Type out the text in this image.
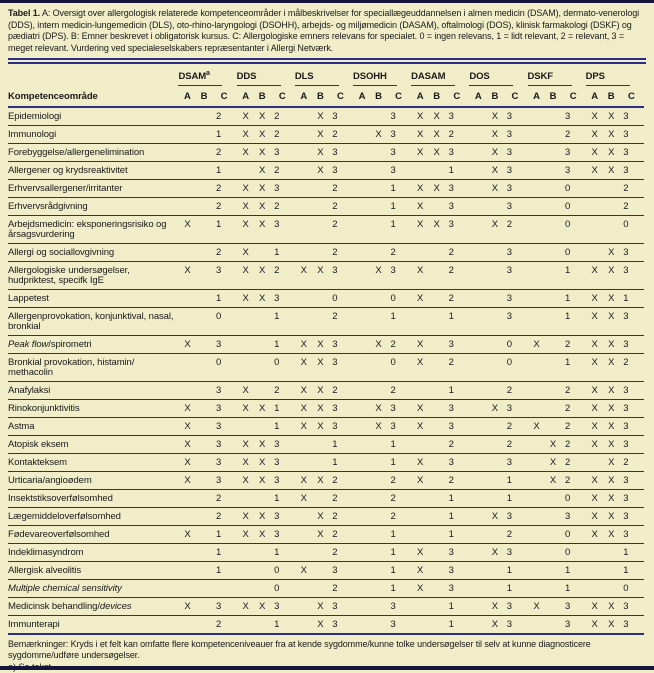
Tabel 1. A: Oversigt over allergologisk relaterede kompetenceområder i målbeskrivelser for speciallægeuddannelsen i almen medicin (DSAM), dermato-venerologi (DDS), intern medicin-lungemedicin (DLS), oto-rhino-laryngologi (DSOHH), arbejds- og miljømedicin (DASAM), oftalmologi (DOS), klinisk farmakologi (DSKF) og pædiatri (DPS). B: Emner beskrevet i obligatorisk kursus. C: Allergologiske emners relevans for specialet. 0 = ingen relevans, 1 = lidt relevant, 2 = relevant, 3 = meget relevant. Vurdering ved specialeselskabers repræsentanter i Allergi Netværk.

	DSAM$^a$			DDS			DLS			DSOHH			DASAM			DOS			DSKF			DPS		

Kompetenceområde	A	B	C	A	B	C	A	B	C	A	B	C	A	B	C	A	B	C	A	B	C	A	B	C
Epidemiologi			2	X	X	2		X	3			3	X	X	3		X	3			3	X	X	3
Immunologi			1	X	X	2		X	2		X	3	X	X	2		X	3			2	X	X	3
Forebyggelse/allergenelimination			2	X	X	3		X	3			3	X	X	3		X	3			3	X	X	3
Allergener og krydsreaktivitet			1		X	2		X	3			3			1		X	3			3	X	X	3
Erhvervsallergener/irritanter			2	X	X	3			2			1	X	X	3		X	3			0			2
Erhvervsrådgivning			2	X	X	2			2			1	X		3			3			0			2
Arbejdsmedicin: eksponeringsrisiko og årsagsvurdering	X		1	X	X	3			2			1	X	X	3		X	2			0			0
Allergi og sociallovgivning			2	X		1			2			2			2			3			0		X	3
Allergologiske undersøgelser, hudpriktest, specifk IgE	X		3	X	X	2	X	X	3		X	3	X		2			3			1	X	X	3
Lappetest			1	X	X	3			0			0	X		2			3			1	X	X	1
Allergenprovokation, konjunktival, nasal, bronkial			0			1			2			1			1			3			1	X	X	3
Peak flow/spirometri	X		3			1	X	X	3		X	2	X		3			0	X		2	X	X	3
Bronkial provokation, histamin/ methacolin			0			0	X	X	3			0	X		2			0			1	X	X	2
Anafylaksi			3	X		2	X	X	2			2			1			2			2	X	X	3
Rinokonjunktivitis	X		3	X	X	1	X	X	3		X	3	X		3		X	3			2	X	X	3
Astma	X		3			1	X	X	3		X	3	X		3			2	X		2	X	X	3
Atopisk eksem	X		3	X	X	3			1			1			2			2		X	2	X	X	3
Kontakteksem	X		3	X	X	3			1			1	X		3			3		X	2		X	2
Urticaria/angioødem	X		3	X	X	3	X	X	2			2	X		2			1		X	2	X	X	3
Insektstiksoverfølsomhed			2			1	X		2			2			1			1			0	X	X	3
Lægemiddeloverfølsomhed			2	X	X	3		X	2			2			1		X	3			3	X	X	3
Fødevareoverfølsomhed	X		1	X	X	3		X	2			1			1			2			0	X	X	3
Indeklimasyndrom			1			1			2			1	X		3		X	3			0			1
Allergisk alveolitis			1			0	X		3			1	X		3			1			1			1
Multiple chemical sensitivity						0			2			1	X		3			1			1			0
Medicinsk behandling/devices	X		3	X	X	3		X	3			3			1		X	3	X		3	X	X	3
Immunterapi			2			1		X	3			3			1		X	3			3	X	X	3

Bemærkninger: Kryds i et felt kan omfatte flere kompetenceniveauer fra at kende sygdomme/kunne tolke undersøgelser til selv at kunne diagnosticere sygdomme/udføre undersøgelser.
